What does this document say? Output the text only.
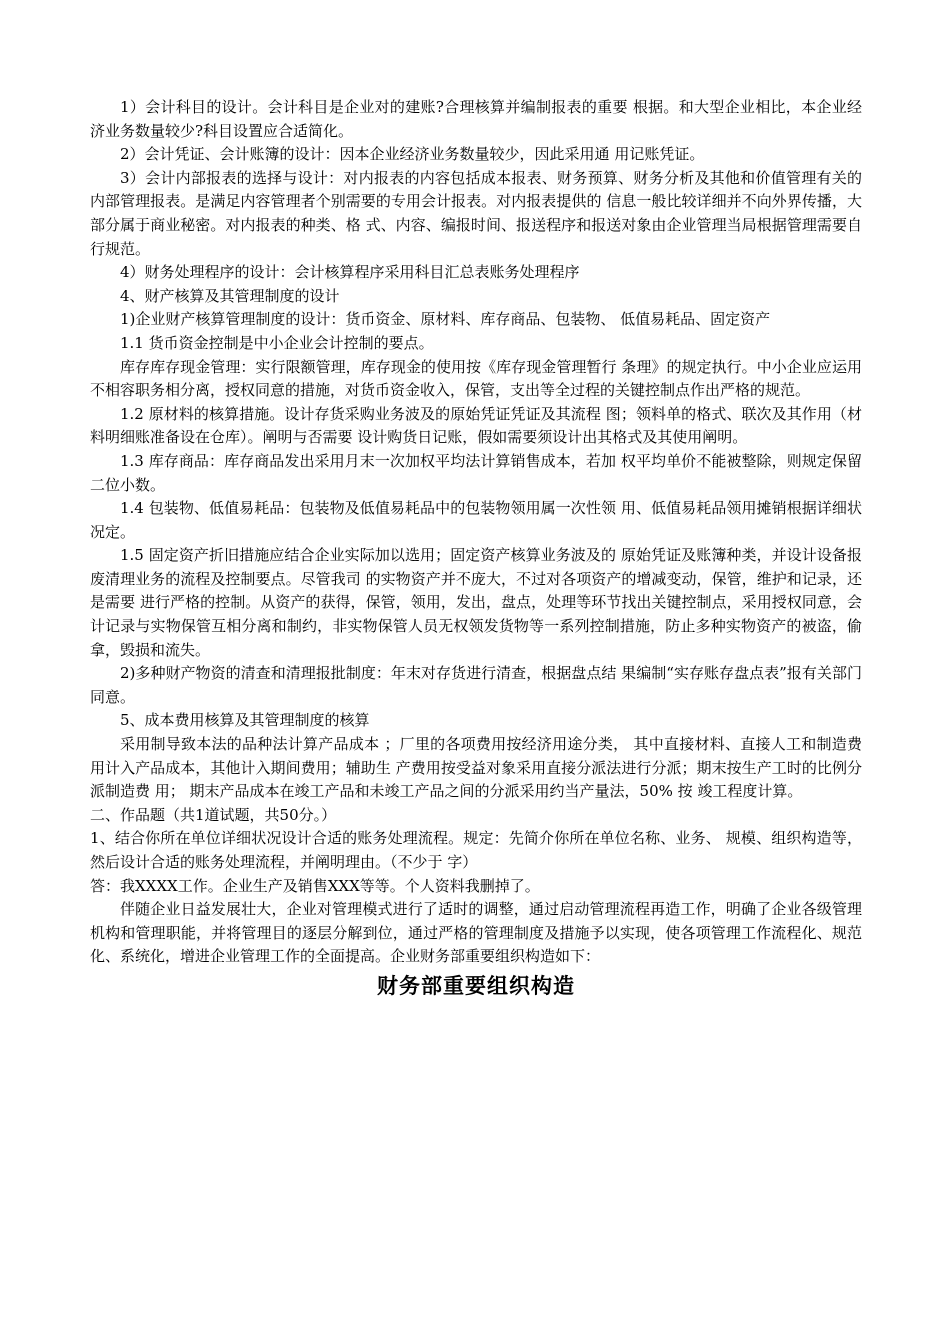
1）会计科目的设计。会计科目是企业对的建账?合理核算并编制报表的重要 根据。和大型企业相比，本企业经济业务数量较少?科目设置应合适简化。

2）会计凭证、会计账簿的设计：因本企业经济业务数量较少，因此采用通 用记账凭证。

3）会计内部报表的选择与设计：对内报表的内容包括成本报表、财务预算、财务分析及其他和价值管理有关的内部管理报表。是满足内容管理者个别需要的专用会计报表。对内报表提供的 信息一般比较详细并不向外界传播，大部分属于商业秘密。对内报表的种类、格 式、内容、编报时间、报送程序和报送对象由企业管理当局根据管理需要自行规范。

4）财务处理程序的设计：会计核算程序采用科目汇总表账务处理程序

4、财产核算及其管理制度的设计

1)企业财产核算管理制度的设计：货币资金、原材料、库存商品、包装物、 低值易耗品、固定资产

1.1 货币资金控制是中小企业会计控制的要点。

库存库存现金管理：实行限额管理，库存现金的使用按《库存现金管理暂行 条理》的规定执行。中小企业应运用不相容职务相分离，授权同意的措施，对货币资金收入，保管，支出等全过程的关键控制点作出严格的规范。

1.2 原材料的核算措施。设计存货采购业务波及的原始凭证凭证及其流程 图；领料单的格式、联次及其作用（材料明细账准备设在仓库）。阐明与否需要 设计购货日记账，假如需要须设计出其格式及其使用阐明。

1.3 库存商品：库存商品发出采用月末一次加权平均法计算销售成本，若加 权平均单价不能被整除，则规定保留二位小数。

1.4 包装物、低值易耗品：包装物及低值易耗品中的包装物领用属一次性领 用、低值易耗品领用摊销根据详细状况定。

1.5 固定资产折旧措施应结合企业实际加以选用；固定资产核算业务波及的 原始凭证及账簿种类，并设计设备报废清理业务的流程及控制要点。尽管我司 的实物资产并不庞大，不过对各项资产的增减变动，保管，维护和记录，还是需要 进行严格的控制。从资产的获得，保管，领用，发出，盘点，处理等环节找出关键控制点，采用授权同意，会计记录与实物保管互相分离和制约，非实物保管人员无权领发货物等一系列控制措施，防止多种实物资产的被盗，偷拿，毁损和流失。

2)多种财产物资的清查和清理报批制度：年末对存货进行清查，根据盘点结 果编制“实存账存盘点表”报有关部门同意。

5、成本费用核算及其管理制度的核算

采用制导致本法的品种法计算产品成本 ；厂里的各项费用按经济用途分类， 其中直接材料、直接人工和制造费用计入产品成本，其他计入期间费用；辅助生 产费用按受益对象采用直接分派法进行分派；期末按生产工时的比例分派制造费 用； 期末产品成本在竣工产品和未竣工产品之间的分派采用约当产量法，50% 按 竣工程度计算。

二、作品题（共1道试题，共50分。）

1、结合你所在单位详细状况设计合适的账务处理流程。规定：先简介你所在单位名称、业务、 规模、组织构造等，然后设计合适的账务处理流程，并阐明理由。（不少于 字）

答：我XXXX工作。企业生产及销售XXX等等。个人资料我删掉了。

伴随企业日益发展壮大，企业对管理模式进行了适时的调整，通过启动管理流程再造工作，明确了企业各级管理机构和管理职能，并将管理目的逐层分解到位，通过严格的管理制度及措施予以实现，使各项管理工作流程化、规范化、系统化，增进企业管理工作的全面提高。企业财务部重要组织构造如下：

财务部重要组织构造
